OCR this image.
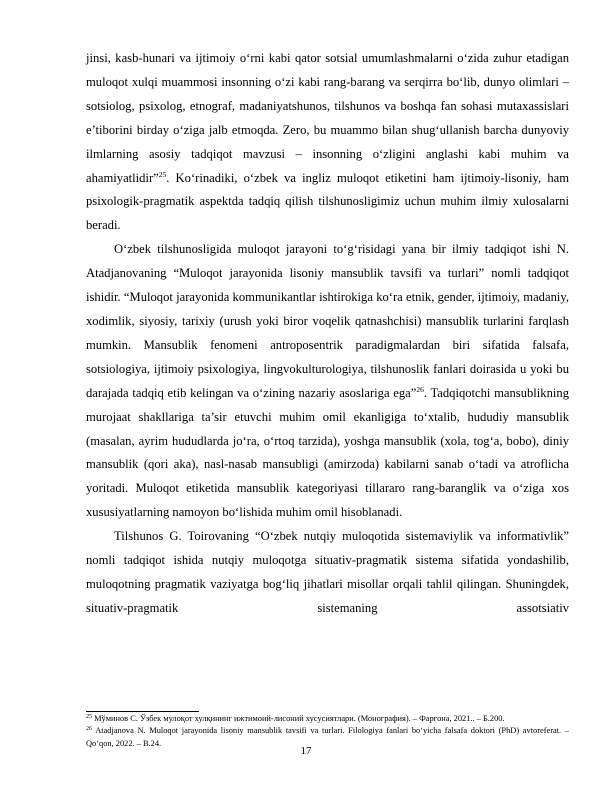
jinsi, kasb-hunari va ijtimoiy o‘rni kabi qator sotsial umumlashmalarni o‘zida zuhur etadigan muloqot xulqi muammosi insonning o‘zi kabi rang-barang va serqirra bo‘lib, dunyo olimlari – sotsiolog, psixolog, etnograf, madaniyatshunos, tilshunos va boshqa fan sohasi mutaxassislari e’tiborini birday o‘ziga jalb etmoqda. Zero, bu muammo bilan shug‘ullanish barcha dunyoviy ilmlarning asosiy tadqiqot mavzusi – insonning o‘zligini anglashi kabi muhim va ahamiyatlidir”$^{25}$. Ko‘rinadiki, o‘zbek va ingliz muloqot etiketini ham ijtimoiy-lisoniy, ham psixologik-pragmatik aspektda tadqiq qilish tilshunosligimiz uchun muhim ilmiy xulosalarni beradi.

O‘zbek tilshunosligida muloqot jarayoni to‘g‘risidagi yana bir ilmiy tadqiqot ishi N. Atadjanovaning “Muloqot jarayonida lisoniy mansublik tavsifi va turlari” nomli tadqiqot ishidir. “Muloqot jarayonida kommunikantlar ishtirokiga ko‘ra etnik, gender, ijtimoiy, madaniy, xodimlik, siyosiy, tarixiy (urush yoki biror voqelik qatnashchisi) mansublik turlarini farqlash mumkin. Mansublik fenomeni antroposentrik paradigmalardan biri sifatida falsafa, sotsiologiya, ijtimoiy psixologiya, lingvokulturologiya, tilshunoslik fanlari doirasida u yoki bu darajada tadqiq etib kelingan va o‘zining nazariy asoslariga ega”$^{26}$. Tadqiqotchi mansublikning murojaat shakllariga ta’sir etuvchi muhim omil ekanligiga to‘xtalib, hududiy mansublik (masalan, ayrim hududlarda jo‘ra, o‘rtoq tarzida), yoshga mansublik (xola, tog‘a, bobo), diniy mansublik (qori aka), nasl-nasab mansubligi (amirzoda) kabilarni sanab o‘tadi va atroflicha yoritadi. Muloqot etiketida mansublik kategoriyasi tillararo rang-baranglik va o‘ziga xos xususiyatlarning namoyon bo‘lishida muhim omil hisoblanadi.

Tilshunos G. Toirovaning “O‘zbek nutqiy muloqotida sistemaviylik va informativlik” nomli tadqiqot ishida nutqiy muloqotga situativ-pragmatik sistema sifatida yondashilib, muloqotning pragmatik vaziyatga bog‘liq jihatlari misollar orqali tahlil qilingan. Shuningdek, situativ-pragmatik sistemaning assotsiativ

$^{25}$ Мўминов С. Ўзбек мулоқот хулқининг ижтимоий-лисоний хусусиятлари. (Монография). – Фарғона, 2021.. – Б.200.

$^{26}$ Atadjanova N. Muloqot jarayonida lisoniy mansublik tavsifi va turlari. Filologiya fanlari bo‘yicha falsafa doktori (PhD) avtoreferat. – Qo‘qon, 2022. – B.24.

17
